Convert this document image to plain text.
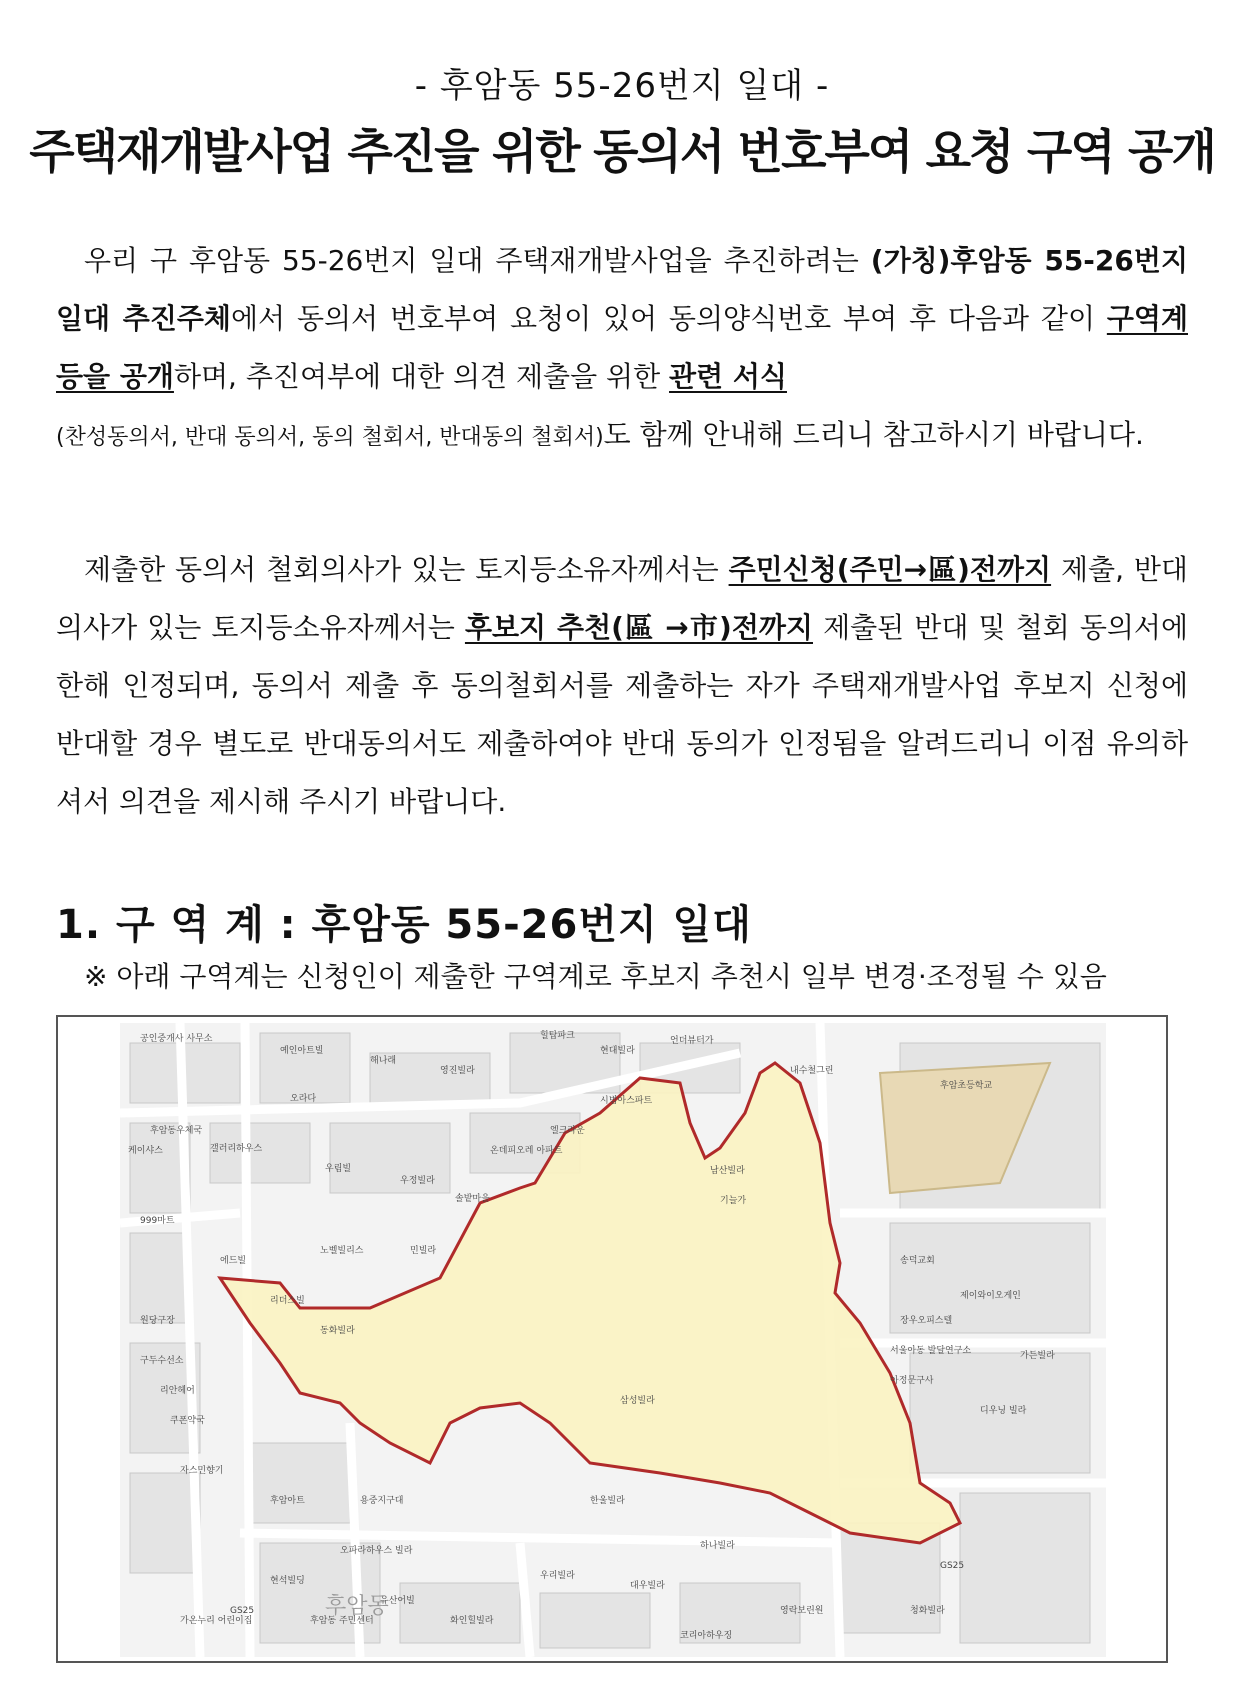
- 후암동 55-26번지 일대 -
주택재개발사업 추진을 위한 동의서 번호부여 요청 구역 공개
우리 구 후암동 55-26번지 일대 주택재개발사업을 추진하려는 (가칭)후암동 55-26번지 일대 추진주체에서 동의서 번호부여 요청이 있어 동의양식번호 부여 후 다음과 같이 구역계 등을 공개하며, 추진여부에 대한 의견 제출을 위한 관련 서식
(찬성동의서, 반대 동의서, 동의 철회서, 반대동의 철회서)도 함께 안내해 드리니 참고하시기 바랍니다.
제출한 동의서 철회의사가 있는 토지등소유자께서는 주민신청(주민→區)전까지 제출, 반대의사가 있는 토지등소유자께서는 후보지 추천(區 →市)전까지 제출된 반대 및 철회 동의서에 한해 인정되며, 동의서 제출 후 동의철회서를 제출하는 자가 주택재개발사업 후보지 신청에 반대할 경우 별도로 반대동의서도 제출하여야 반대 동의가 인정됨을 알려드리니 이점 유의하셔서 의견을 제시해 주시기 바랍니다.
1. 구 역 계 : 후암동 55-26번지 일대
※ 아래 구역계는 신청인이 제출한 구역계로 후보지 추천시 일부 변경·조정될 수 있음
공인중개사 사무소
예인아트빌
해나래
영진빌라
힐탑파크
현대빌라
언더뷰터가
내수철그린
후암초등학교
오라다
후암동우체국
케이샤스	갤러리하우스
우림빌
우정빌라
온데피오레 아파트
엘크라운
시범아스파트
남산빌라
999마트
에드빌
노벨빌리스	민빌라
기늘가
송덕교회
리더스빌
동화빌라
제이와이오게인
원당구장
구두수선소
서울아동 발달연구소	가든빌라
리안헤어
아정문구사
쿠폰약국
디우닝 빌라
자스민향기
후암아트	용중지구대
오파라하우스 빌라
한울빌라
하나빌라
GS25
가온누리 어린이집
현석빌딩
후암동 주민센터
유산어빌
화인힐빌라
우리빌라
대우빌라
영락보린원
코리아하우징
청화빌라
GS25
삼성빌라
장우오피스텔
솔밭마을
후암동
